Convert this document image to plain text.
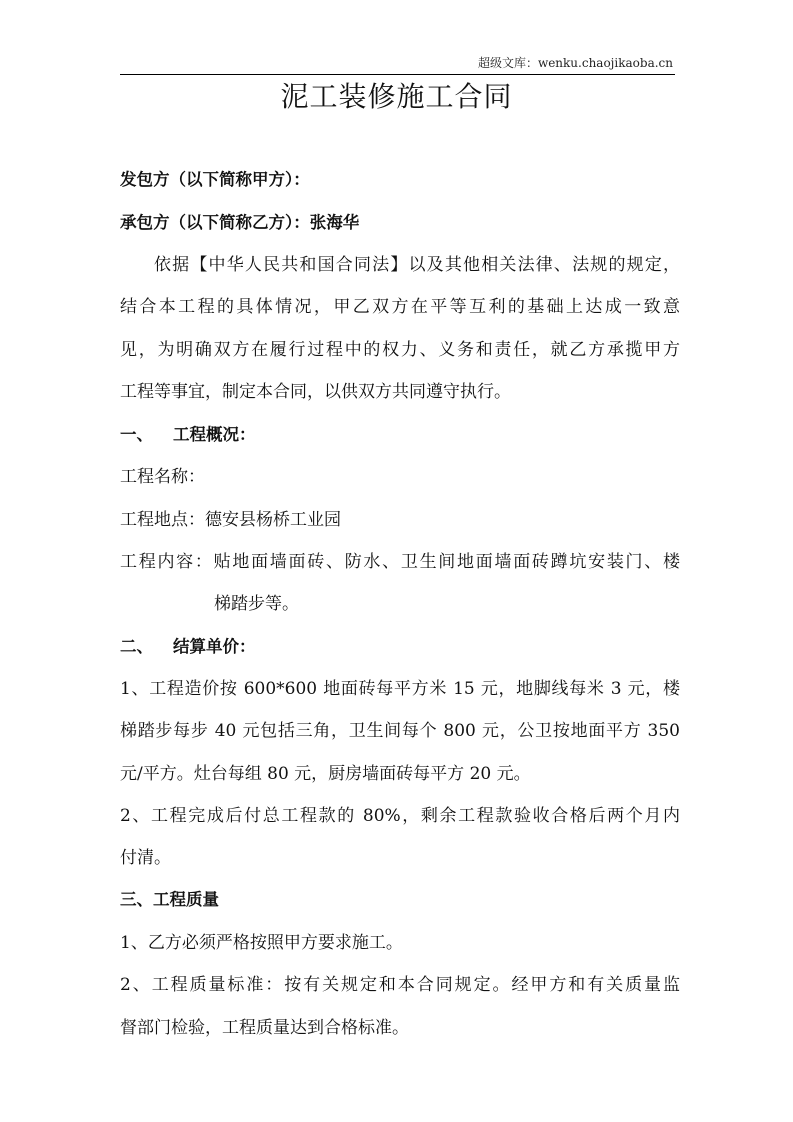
超级文库：wenku.chaojikaoba.cn
泥工装修施工合同
发包方（以下简称甲方）：
承包方（以下简称乙方）：张海华
依据【中华人民共和国合同法】以及其他相关法律、法规的规定，
结合本工程的具体情况，甲乙双方在平等互利的基础上达成一致意
见，为明确双方在履行过程中的权力、义务和责任，就乙方承揽甲方
工程等事宜，制定本合同，以供双方共同遵守执行。
一、 工程概况：
工程名称：
工程地点：德安县杨桥工业园
工程内容：贴地面墙面砖、防水、卫生间地面墙面砖蹲坑安装门、楼
梯踏步等。
二、 结算单价：
1、工程造价按 600*600 地面砖每平方米 15 元，地脚线每米 3 元，楼
梯踏步每步 40 元包括三角，卫生间每个 800 元，公卫按地面平方 350
元/平方。灶台每组 80 元，厨房墙面砖每平方 20 元。
2、工程完成后付总工程款的 80%，剩余工程款验收合格后两个月内
付清。
三、工程质量
1、乙方必须严格按照甲方要求施工。
2、工程质量标准：按有关规定和本合同规定。经甲方和有关质量监
督部门检验，工程质量达到合格标准。
